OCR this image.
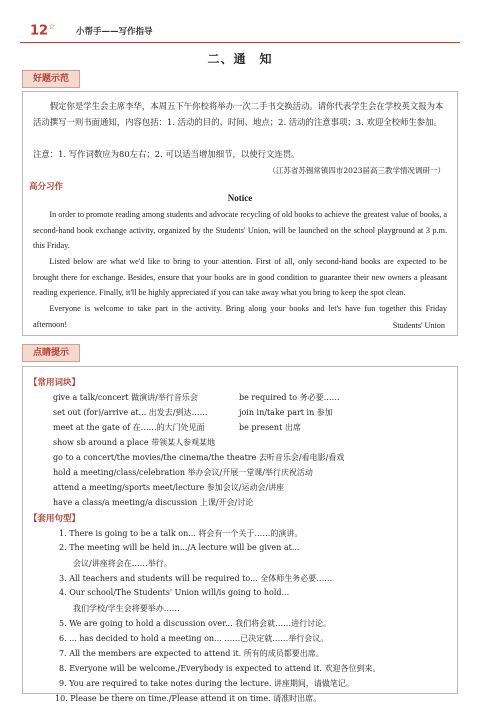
12☆
小帮手——写作指导
二、通　知
好题示范

假定你是学生会主席李华，本周五下午你校将举办一次二手书交换活动。请你代表学生会在学校英文报为本活动撰写一则书面通知，内容包括：1. 活动的目的、时间、地点；2. 活动的注意事项；3. 欢迎全校师生参加。

注意：1. 写作词数应为80左右；2. 可以适当增加细节，以使行文连贯。

（江苏省苏锡常镇四市2023届高三教学情况调研一）

高分习作
Notice

In order to promote reading among students and advocate recycling of old books to achieve the greatest value of books, a second-hand book exchange activity, organized by the Students' Union, will be launched on the school playground at 3 p.m. this Friday.

Listed below are what we'd like to bring to your attention. First of all, only second-hand books are expected to be brought there for exchange. Besides, ensure that your books are in good condition to guarantee their new owners a pleasant reading experience. Finally, it'll be highly appreciated if you can take away what you bring to keep the spot clean.

Everyone is welcome to take part in the activity. Bring along your books and let's have fun together this Friday afternoon!	Students' Union

点睛提示
【常用词块】
give a talk/concert 做演讲/举行音乐会	be required to 务必要……
set out (for)/arrive at... 出发去/到达……	join in/take part in 参加
meet at the gate of 在……的大门处见面	be present 出席
show sb around a place 带领某人参观某地
go to a concert/the movies/the cinema/the theatre 去听音乐会/看电影/看戏
hold a meeting/class/celebration 举办会议/开展一堂课/举行庆祝活动
attend a meeting/sports meet/lecture 参加会议/运动会/讲座
have a class/a meeting/a discussion 上课/开会/讨论
【套用句型】
1. There is going to be a talk on... 将会有一个关于……的演讲。
2. The meeting will be held in.../A lecture will be given at...
会议/讲座将会在……举行。
3. All teachers and students will be required to... 全体师生务必要……
4. Our school/The Students' Union will/is going to hold...
我们学校/学生会将要举办……
5. We are going to hold a discussion over... 我们将会就……进行讨论。
6. ... has decided to hold a meeting on... ……已决定就……举行会议。
7. All the members are expected to attend it. 所有的成员都要出席。
8. Everyone will be welcome./Everybody is expected to attend it. 欢迎各位到来。
9. You are required to take notes during the lecture. 讲座期间，请做笔记。
10. Please be there on time./Please attend it on time. 请准时出席。
